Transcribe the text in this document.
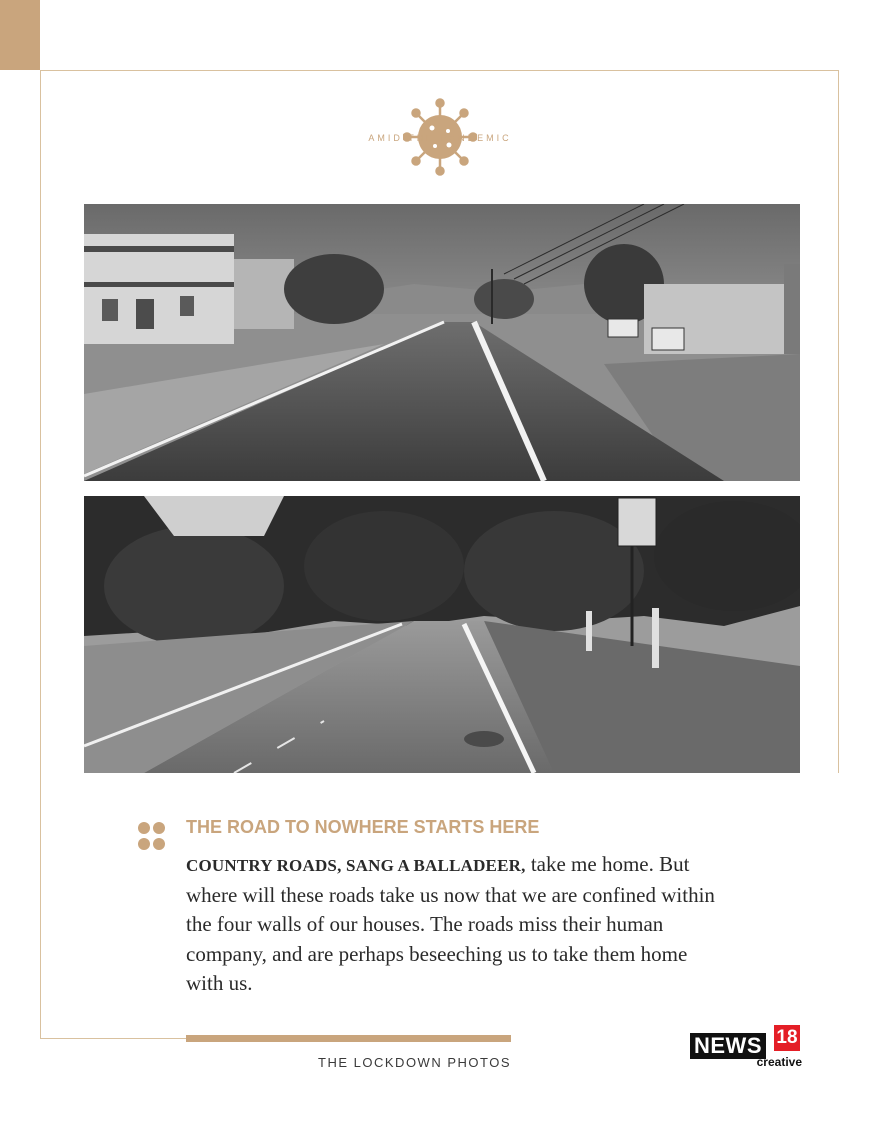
AMID THE PANDEMIC
THE ROAD TO NOWHERE STARTS HERE
COUNTRY ROADS, SANG A BALLADEER, take me home. But where will these roads take us now that we are confined within the four walls of our houses. The roads miss their human company, and are perhaps beseeching us to take them home with us.
THE LOCKDOWN PHOTOS
NEWS 18
creative
